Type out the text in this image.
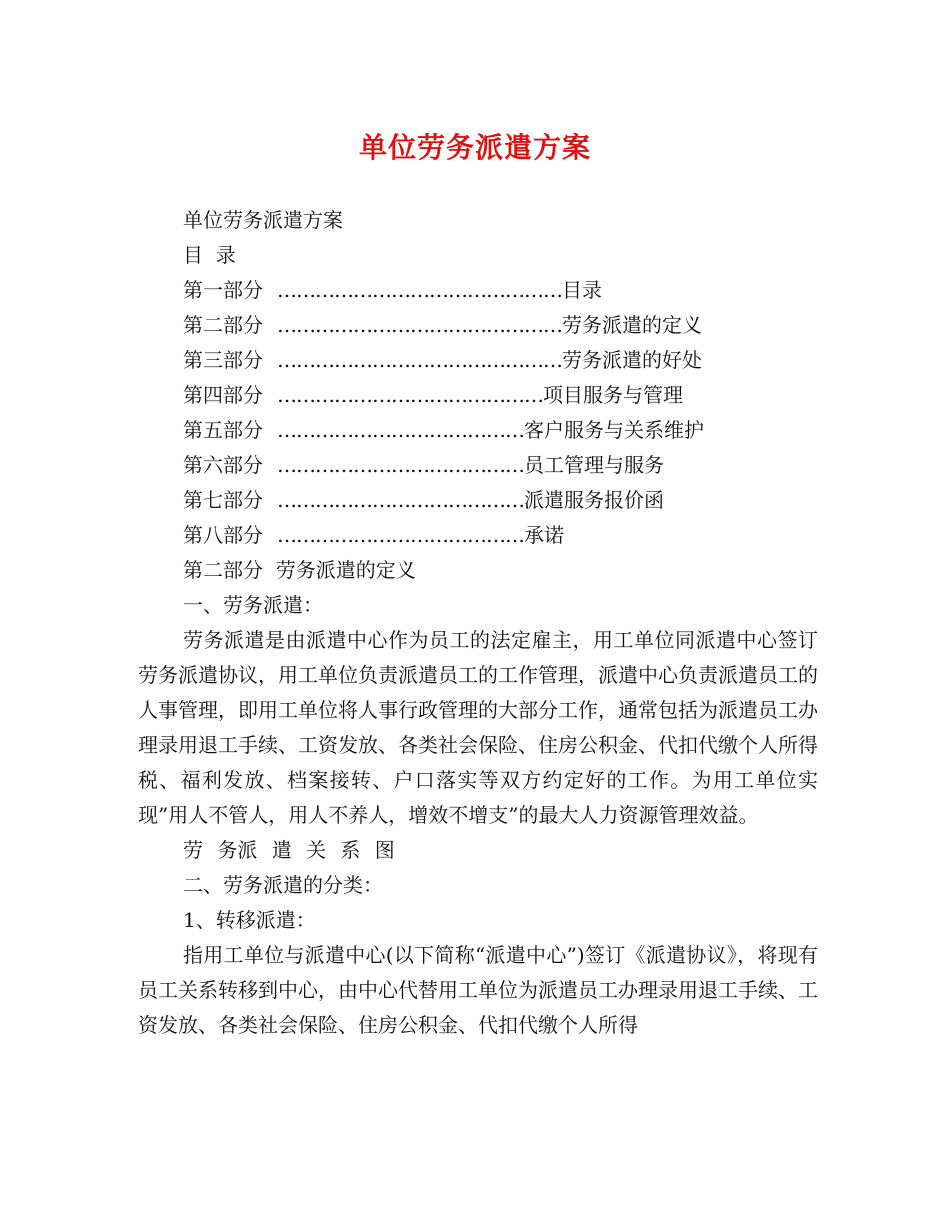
单位劳务派遣方案
单位劳务派遣方案
目  录
第一部分 ………………………………………目录
第二部分 ………………………………………劳务派遣的定义
第三部分 ………………………………………劳务派遣的好处
第四部分 ……………………………………项目服务与管理
第五部分 …………………………………客户服务与关系维护
第六部分 …………………………………员工管理与服务
第七部分 …………………………………派遣服务报价函
第八部分 …………………………………承诺
第二部分  劳务派遣的定义
一、劳务派遣：

劳务派遣是由派遣中心作为员工的法定雇主，用工单位同派遣中心签订劳务派遣协议，用工单位负责派遣员工的工作管理，派遣中心负责派遣员工的人事管理，即用工单位将人事行政管理的大部分工作，通常包括为派遣员工办理录用退工手续、工资发放、各类社会保险、住房公积金、代扣代缴个人所得税、福利发放、档案接转、户口落实等双方约定好的工作。为用工单位实现”用人不管人，用人不养人，增效不增支”的最大人力资源管理效益。

劳 务派 遣 关 系 图
二、劳务派遣的分类：
1、转移派遣：

指用工单位与派遣中心(以下简称“派遣中心”)签订《派遣协议》，将现有员工关系转移到中心，由中心代替用工单位为派遣员工办理录用退工手续、工资发放、各类社会保险、住房公积金、代扣代缴个人所得
